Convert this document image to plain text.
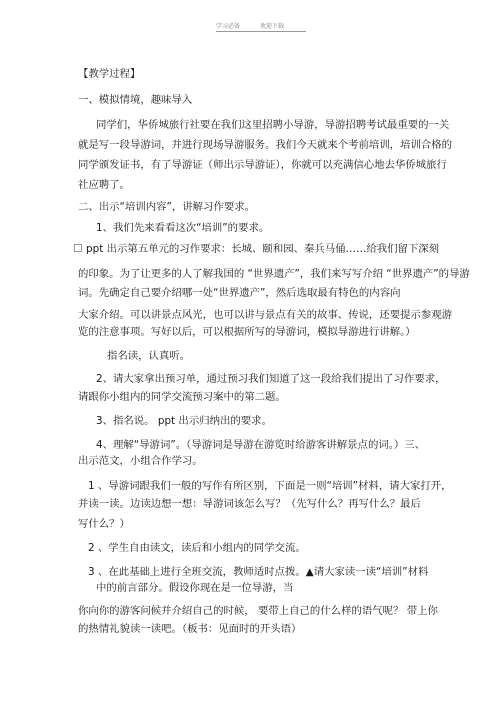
学习必备	欢迎下载
【教学过程】
一、模拟情境，趣味导入
同学们，华侨城旅行社要在我们这里招聘小导游，导游招聘考试最重要的一关
就是写一段导游词，并进行现场导游服务。我们今天就来个考前培训，培训合格的
同学颁发证书，有了导游证（师出示导游证），你就可以充满信心地去华侨城旅行
社应聘了。
二、出示“培训内容”，讲解习作要求。
1、我们先来看看这次“培训”的要求。
ppt 出示第五单元的习作要求：长城、颐和园、秦兵马俑……给我们留下深刻
的印象。为了让更多的人了解我国的 “世界遗产”，我们来写写介绍 “世界遗产”的导游
词。先确定自己要介绍哪一处“世界遗产”，然后选取最有特色的内容向
大家介绍。可以讲景点风光，也可以讲与景点有关的故事、传说，还要提示参观游
览的注意事项。写好以后，可以根据所写的导游词，模拟导游进行讲解。）
指名读，认真听。
2、请大家拿出预习单，通过预习我们知道了这一段给我们提出了习作要求，
请跟你小组内的同学交流预习案中的第二题。
3、指名说。 ppt 出示归纳出的要求。
4、理解“导游词”。（导游词是导游在游览时给游客讲解景点的词。）三、
出示范文，小组合作学习。
1 、导游词跟我们一般的写作有所区别，下面是一则“培训”材料，请大家打开，
并读一读。边读边想一想：导游词该怎么写？（先写什么？再写什么？最后
写什么？）
2 、学生自由读文，读后和小组内的同学交流。
3 、在此基础上进行全班交流，教师适时点拨。▲请大家读一读“培训”材料
中的前言部分。假设你现在是一位导游，当
你向你的游客问候并介绍自己的时候， 要带上自己的什么样的语气呢？ 带上你
的热情礼貌读一读吧。（板书：见面时的开头语）
